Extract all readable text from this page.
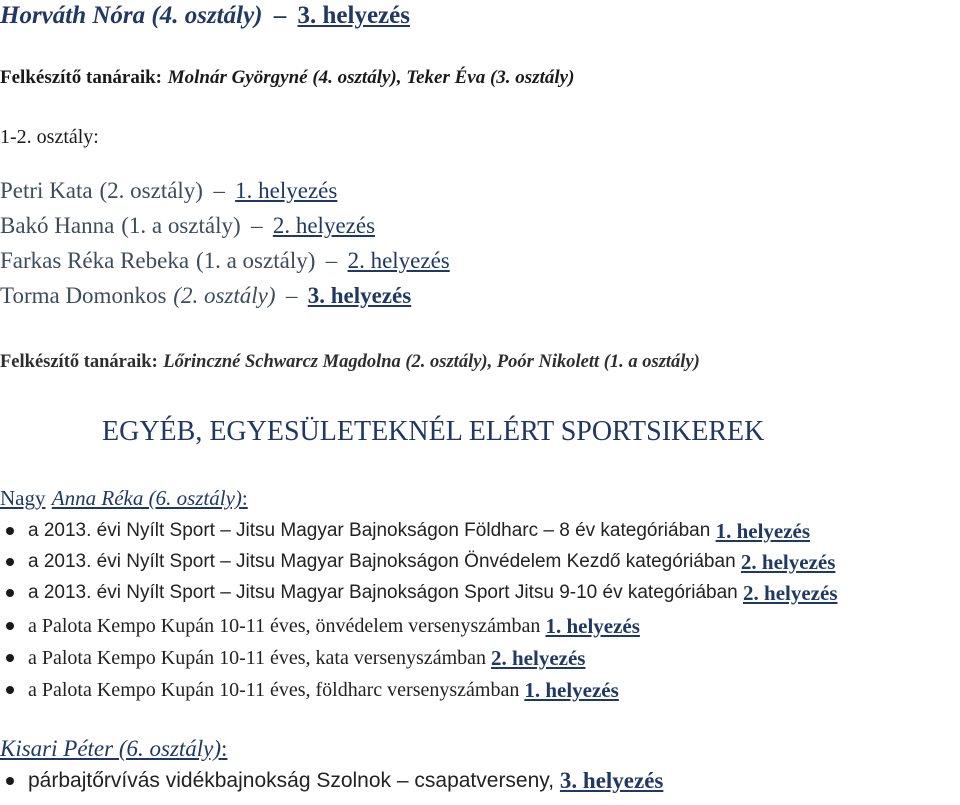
Horváth Nóra (4. osztály) – 3. helyezés
Felkészítő tanáraik: Molnár Györgyné (4. osztály), Teker Éva (3. osztály)
1-2. osztály:
Petri Kata (2. osztály) – 1. helyezés
Bakó Hanna (1. a osztály) – 2. helyezés
Farkas Réka Rebeka (1. a osztály) – 2. helyezés
Torma Domonkos (2. osztály) – 3. helyezés
Felkészítő tanáraik: Lőrinczné Schwarcz Magdolna (2. osztály), Poór Nikolett (1. a osztály)
EGYÉB, EGYESÜLETEKNÉL ELÉRT SPORTSIKEREK
Nagy Anna Réka (6. osztály):
a 2013. évi Nyílt Sport – Jitsu Magyar Bajnokságon Földharc – 8 év kategóriában 1. helyezés
a 2013. évi Nyílt Sport – Jitsu Magyar Bajnokságon Önvédelem Kezdő kategóriában 2. helyezés
a 2013. évi Nyílt Sport – Jitsu Magyar Bajnokságon Sport Jitsu 9-10 év kategóriában 2. helyezés
a Palota Kempo Kupán 10-11 éves, önvédelem versenyszámban 1. helyezés
a Palota Kempo Kupán 10-11 éves, kata versenyszámban 2. helyezés
a Palota Kempo Kupán 10-11 éves, földharc versenyszámban 1. helyezés
Kisari Péter (6. osztály):
párbajtőrvívás vidékbajnokság Szolnok – csapatverseny, 3. helyezés
